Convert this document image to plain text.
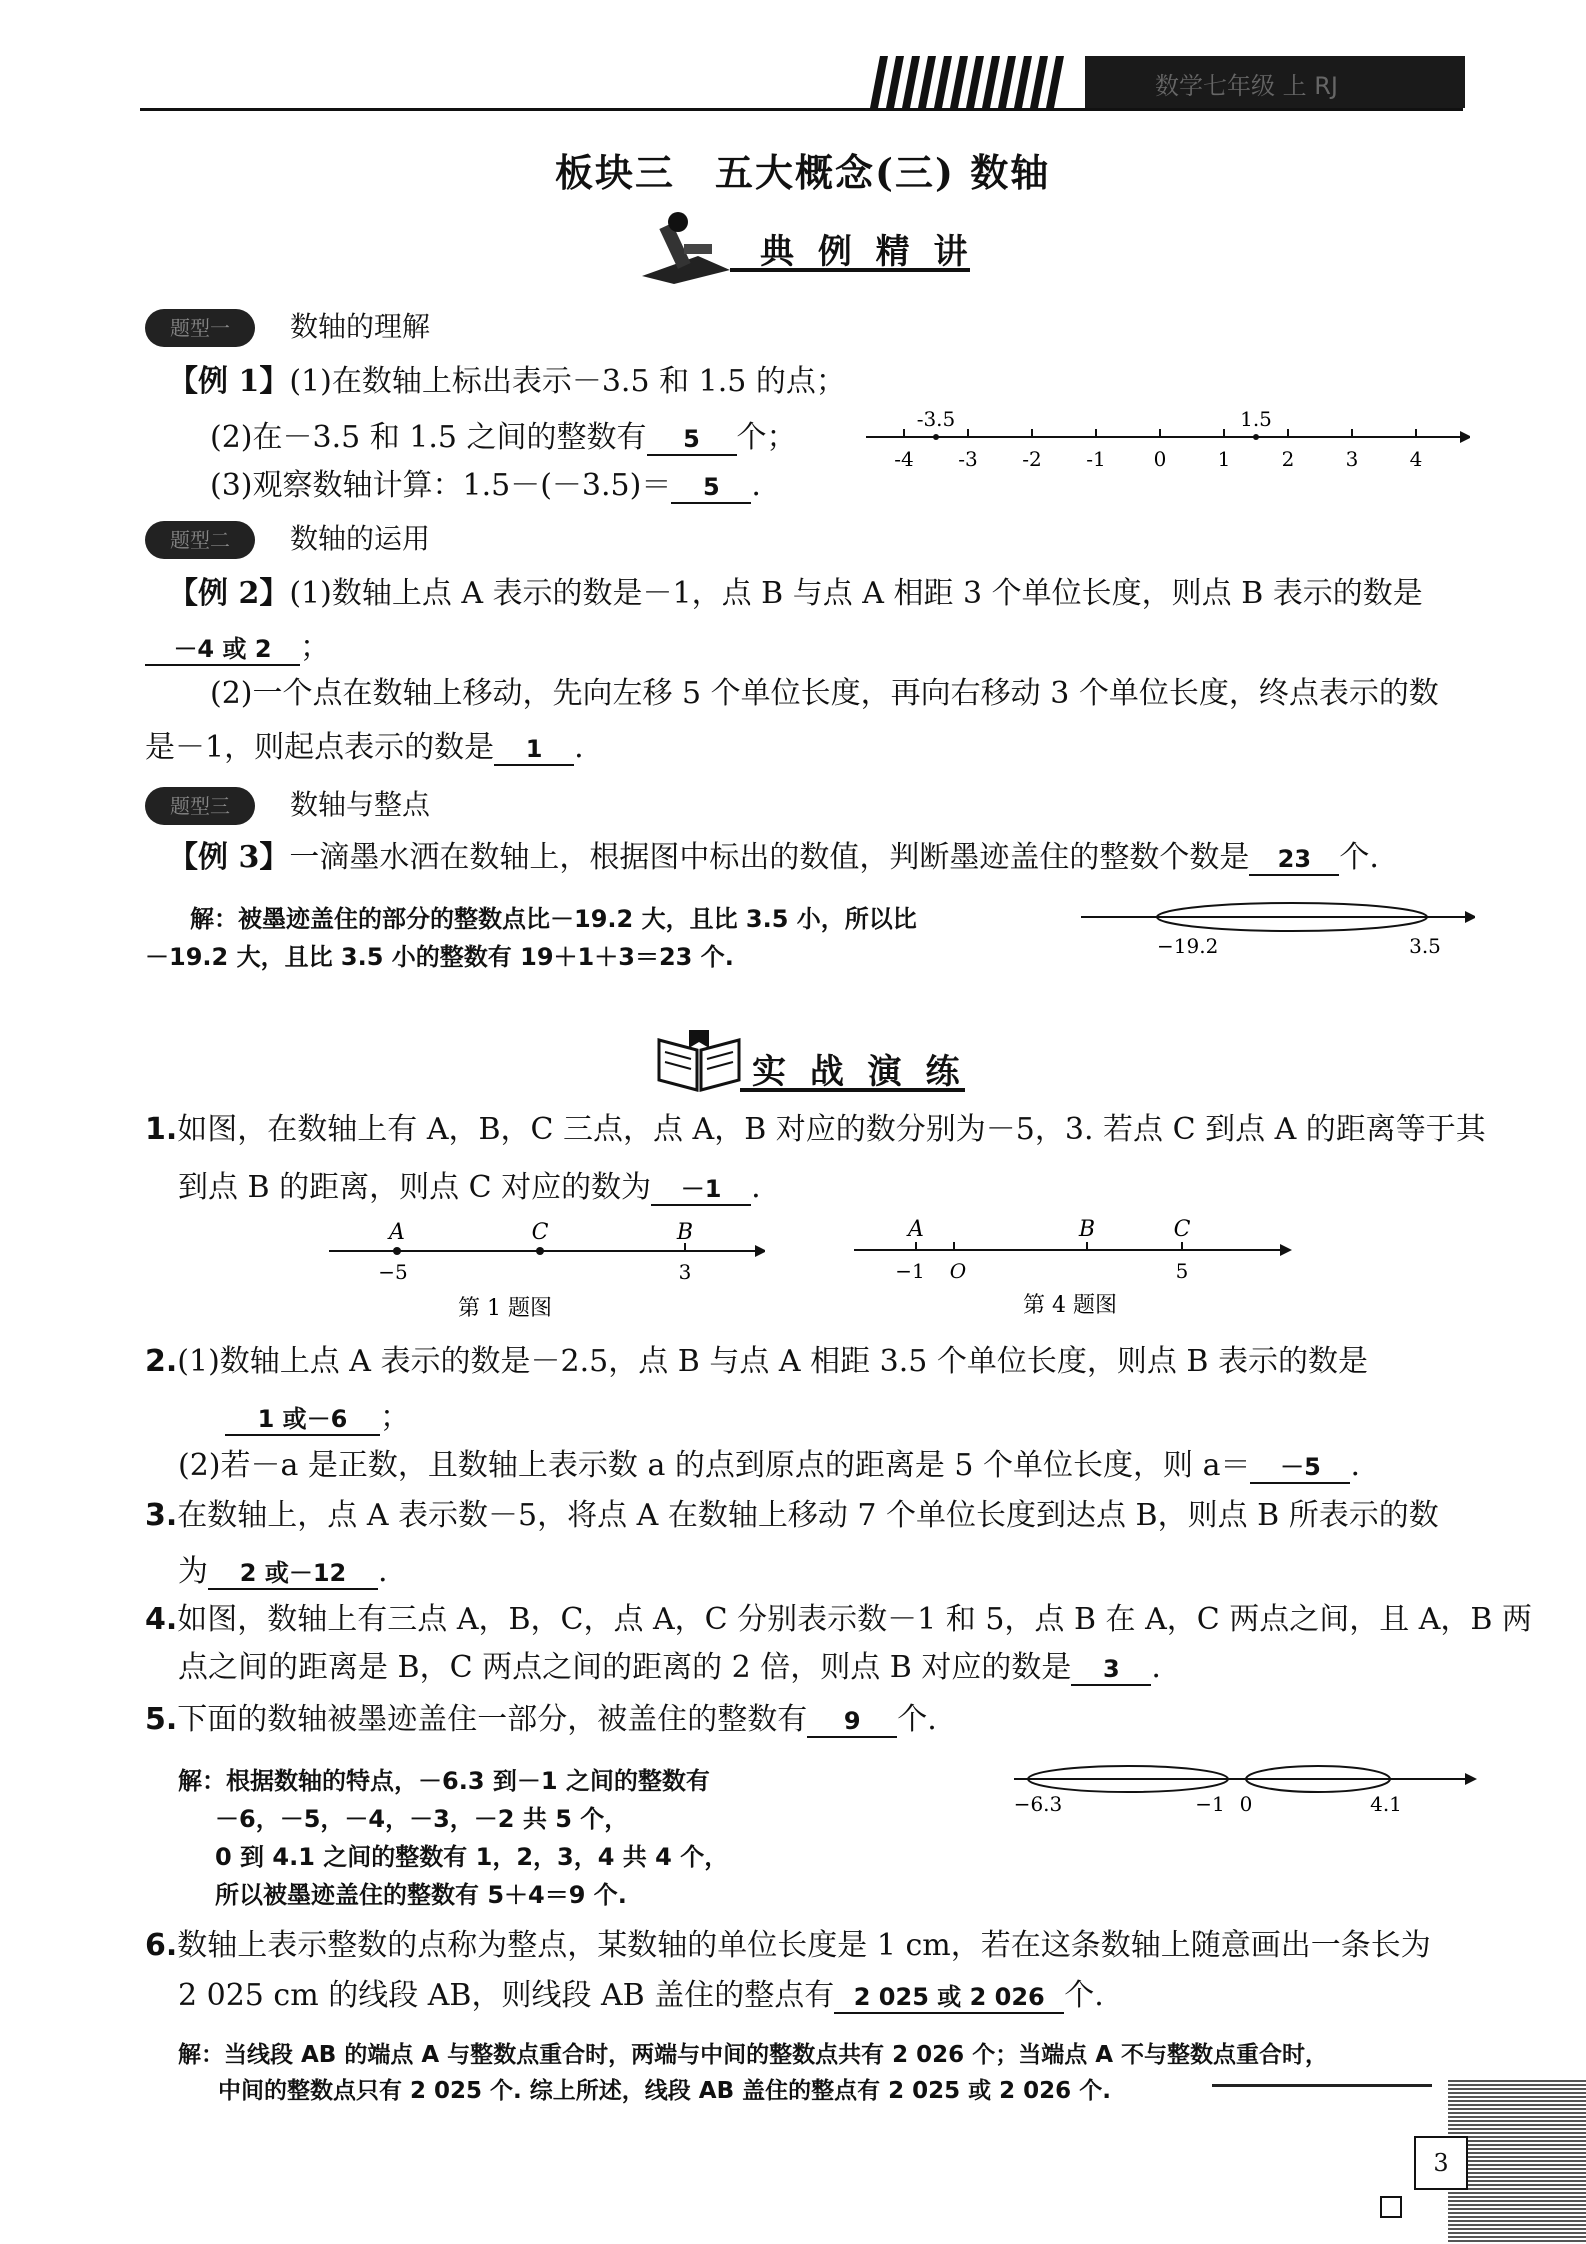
数学七年级 上 RJ
板块三　五大概念(三) 数轴
典 例 精 讲
题型一	数轴的理解
【例 1】(1)在数轴上标出表示－3.5 和 1.5 的点；
(2)在－3.5 和 1.5 之间的整数有 5 个；
(3)观察数轴计算：1.5－(－3.5)＝ 5 .
-3.5	1.5
-4 -3 -2 -1 0	1	2	3	4
题型二	数轴的运用
【例 2】(1)数轴上点 A 表示的数是－1，点 B 与点 A 相距 3 个单位长度，则点 B 表示的数是
－4 或 2 ；
(2)一个点在数轴上移动，先向左移 5 个单位长度，再向右移动 3 个单位长度，终点表示的数
是－1，则起点表示的数是 1 .
题型三	数轴与整点
【例 3】一滴墨水洒在数轴上，根据图中标出的数值，判断墨迹盖住的整数个数是 23 个.
解：被墨迹盖住的部分的整数点比－19.2 大，且比 3.5 小，所以比
－19.2 大，且比 3.5 小的整数有 19＋1＋3＝23 个.	−19.2	3.5
实 战 演 练
1.如图，在数轴上有 A，B，C 三点，点 A，B 对应的数分别为－5，3. 若点 C 到点 A 的距离等于其
到点 B 的距离，则点 C 对应的数为 －1 .
A	C	B
−5	3
第 1 题图
A	B	C
−1 O	5
第 4 题图
2.(1)数轴上点 A 表示的数是－2.5，点 B 与点 A 相距 3.5 个单位长度，则点 B 表示的数是
1 或－6 ；
(2)若－a 是正数，且数轴上表示数 a 的点到原点的距离是 5 个单位长度，则 a＝ －5 .
3.在数轴上，点 A 表示数－5，将点 A 在数轴上移动 7 个单位长度到达点 B，则点 B 所表示的数
为 2 或－12 .
4.如图，数轴上有三点 A，B，C，点 A，C 分别表示数－1 和 5，点 B 在 A，C 两点之间，且 A，B 两
点之间的距离是 B，C 两点之间的距离的 2 倍，则点 B 对应的数是 3 .
5.下面的数轴被墨迹盖住一部分，被盖住的整数有 9 个.
解：根据数轴的特点，－6.3 到－1 之间的整数有
－6，－5，－4，－3，－2 共 5 个，
0 到 4.1 之间的整数有 1，2，3，4 共 4 个，
所以被墨迹盖住的整数有 5＋4＝9 个.
−6.3	−1 0	4.1
6.数轴上表示整数的点称为整点，某数轴的单位长度是 1 cm，若在这条数轴上随意画出一条长为
2 025 cm 的线段 AB，则线段 AB 盖住的整点有 2 025 或 2 026 个.
解：当线段 AB 的端点 A 与整数点重合时，两端与中间的整数点共有 2 026 个；当端点 A 不与整数点重合时，
中间的整数点只有 2 025 个. 综上所述，线段 AB 盖住的整点有 2 025 或 2 026 个.
3
